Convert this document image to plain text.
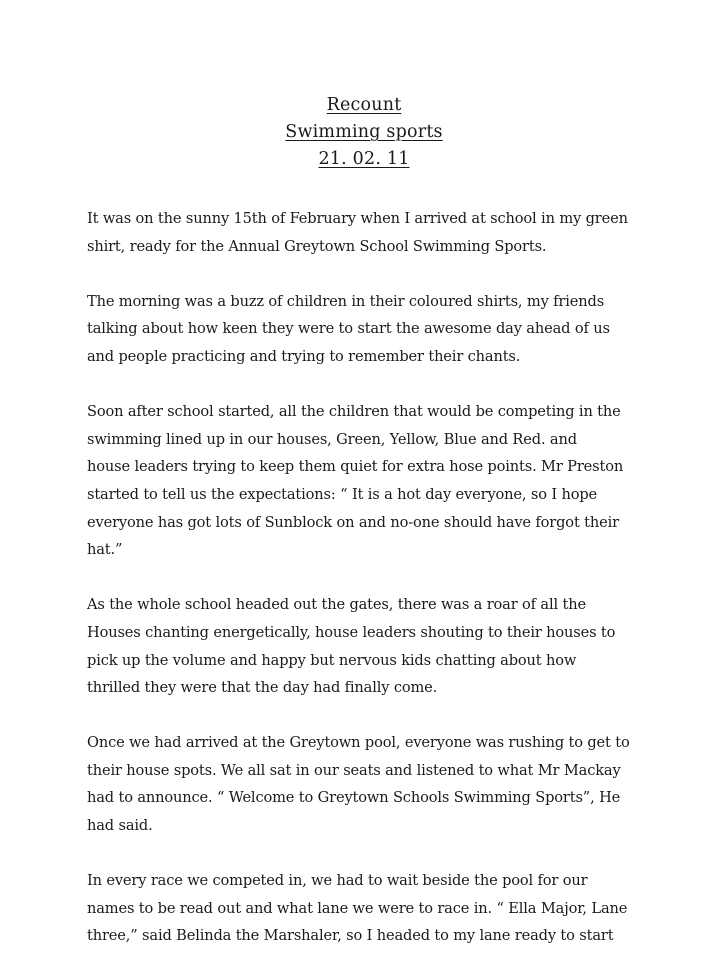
Recount
Swimming sports
21. 02. 11

It was on the sunny 15th of February when I arrived at school in my green
shirt, ready for the Annual Greytown School Swimming Sports.

The morning was a buzz of children in their coloured shirts, my friends
talking about how keen they were to start the awesome day ahead of us
and people practicing and trying to remember their chants.

Soon after school started, all the children that would be competing in the
swimming lined up in our houses, Green, Yellow, Blue and Red. and
house leaders trying to keep them quiet for extra hose points. Mr Preston
started to tell us the expectations: “ It is a hot day everyone, so I hope
everyone has got lots of Sunblock on and no-one should have forgot their
hat.”

As the whole school headed out the gates, there was a roar of all the
Houses chanting energetically, house leaders shouting to their houses to
pick up the volume and happy but nervous kids chatting about how
thrilled they were that the day had finally come.

Once we had arrived at the Greytown pool, everyone was rushing to get to
their house spots. We all sat in our seats and listened to what Mr Mackay
had to announce. “ Welcome to Greytown Schools Swimming Sports”, He
had said.

In every race we competed in, we had to wait beside the pool for our
names to be read out and what lane we were to race in. “ Ella Major, Lane
three,” said Belinda the Marshaler, so I headed to my lane ready to start
